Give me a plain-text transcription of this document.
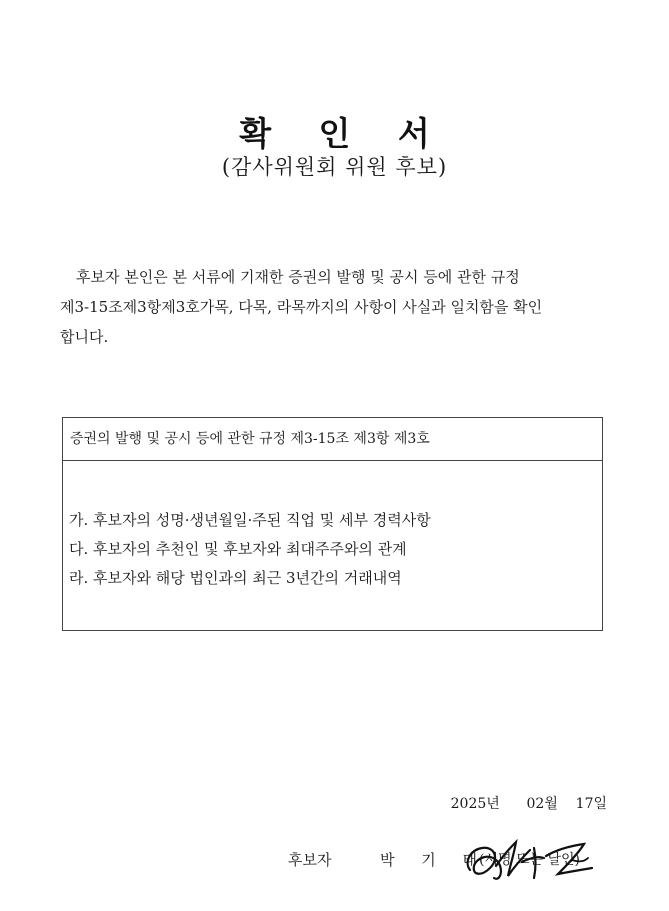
확 인 서
(감사위원회 위원 후보)
후보자 본인은 본 서류에 기재한 증권의 발행 및 공시 등에 관한 규정
제3-15조제3항제3호가목, 다목, 라목까지의 사항이 사실과 일치함을 확인
합니다.
증권의 발행 및 공시 등에 관한 규정 제3-15조 제3항 제3호
가. 후보자의 성명·생년월일·주된 직업 및 세부 경력사항
다. 후보자의 추천인 및 후보자와 최대주주와의 관계
라. 후보자와 해당 법인과의 최근 3년간의 거래내역
2025년 02월 17일
후보자	박 기 태
(서명 또는 날인)
